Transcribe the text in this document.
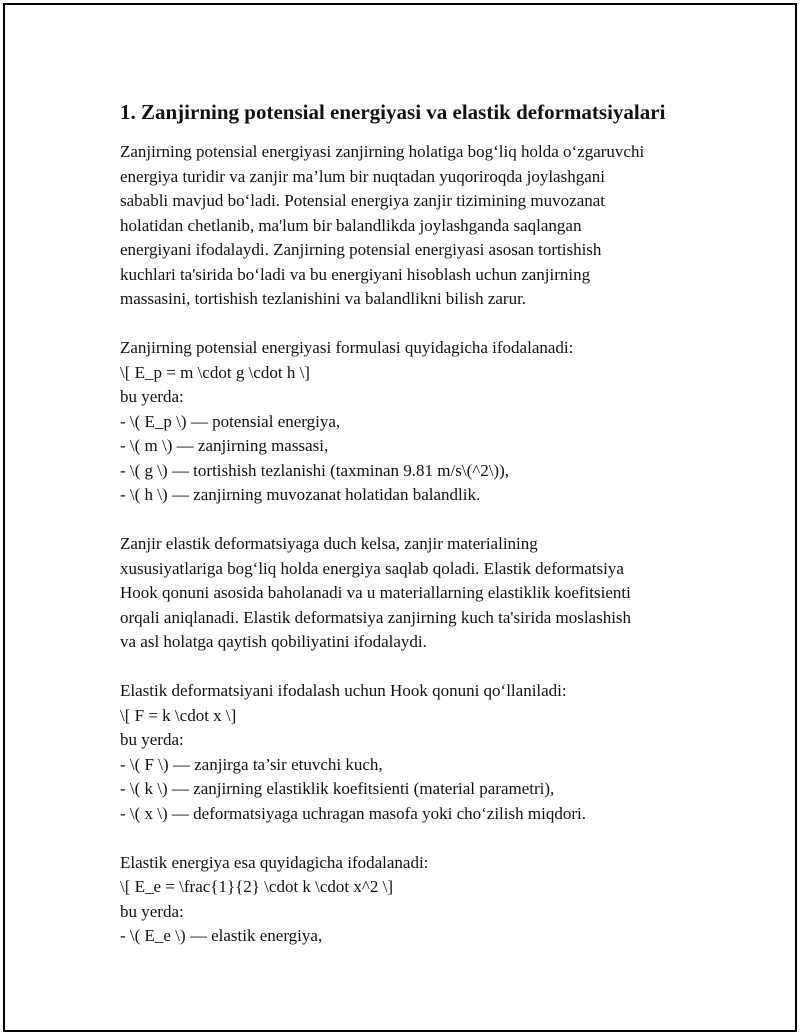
1. Zanjirning potensial energiyasi va elastik deformatsiyalari

Zanjirning potensial energiyasi zanjirning holatiga bog‘liq holda o‘zgaruvchi
energiya turidir va zanjir ma’lum bir nuqtadan yuqoriroqda joylashgani
sababli mavjud bo‘ladi. Potensial energiya zanjir tizimining muvozanat
holatidan chetlanib, ma'lum bir balandlikda joylashganda saqlangan
energiyani ifodalaydi. Zanjirning potensial energiyasi asosan tortishish
kuchlari ta'sirida bo‘ladi va bu energiyani hisoblash uchun zanjirning
massasini, tortishish tezlanishini va balandlikni bilish zarur.

Zanjirning potensial energiyasi formulasi quyidagicha ifodalanadi:
\[ E_p = m \cdot g \cdot h \]
bu yerda:
- \( E_p \) — potensial energiya,
- \( m \) — zanjirning massasi,
- \( g \) — tortishish tezlanishi (taxminan 9.81 m/s\(^2\)),
- \( h \) — zanjirning muvozanat holatidan balandlik.

Zanjir elastik deformatsiyaga duch kelsa, zanjir materialining
xususiyatlariga bog‘liq holda energiya saqlab qoladi. Elastik deformatsiya
Hook qonuni asosida baholanadi va u materiallarning elastiklik koefitsienti
orqali aniqlanadi. Elastik deformatsiya zanjirning kuch ta'sirida moslashish
va asl holatga qaytish qobiliyatini ifodalaydi.

Elastik deformatsiyani ifodalash uchun Hook qonuni qo‘llaniladi:
\[ F = k \cdot x \]
bu yerda:
- \( F \) — zanjirga ta’sir etuvchi kuch,
- \( k \) — zanjirning elastiklik koefitsienti (material parametri),
- \( x \) — deformatsiyaga uchragan masofa yoki cho‘zilish miqdori.

Elastik energiya esa quyidagicha ifodalanadi:
\[ E_e = \frac{1}{2} \cdot k \cdot x^2 \]
bu yerda:
- \( E_e \) — elastik energiya,
